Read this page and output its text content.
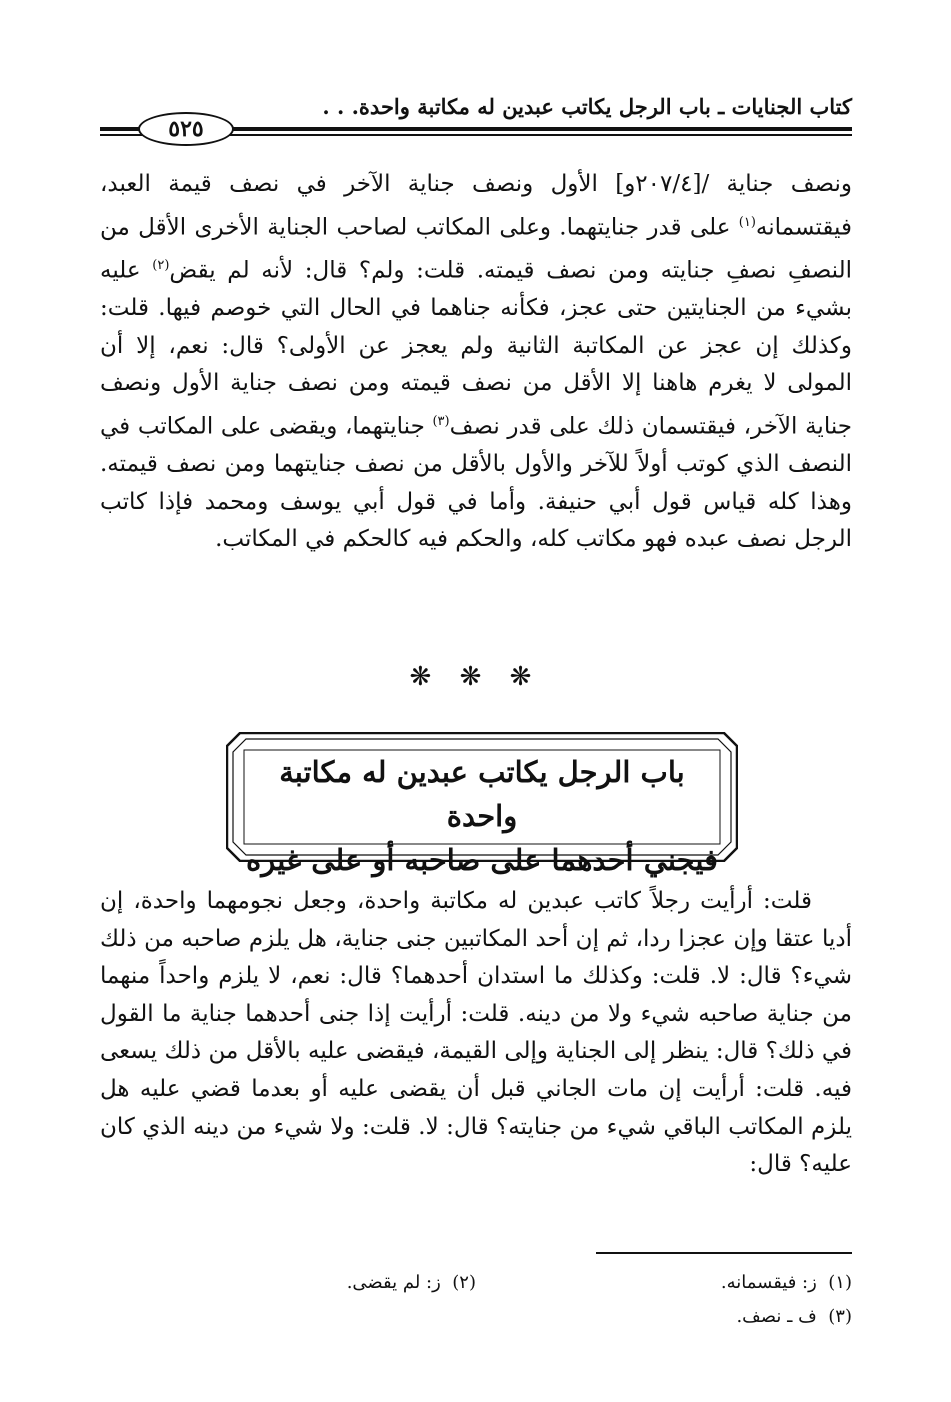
كتاب الجنايات ـ باب الرجل يكاتب عبدين له مكاتبة واحدة. . .
٥٢٥
ونصف جناية /[٢٠٧/٤و] الأول ونصف جناية الآخر في نصف قيمة العبد، فيقتسمانه$^{(١)}$ على قدر جنايتهما. وعلى المكاتب لصاحب الجناية الأخرى الأقل من النصفِ نصفِ جنايته ومن نصف قيمته. قلت: ولم؟ قال: لأنه لم يقض$^{(٢)}$ عليه بشيء من الجنايتين حتى عجز، فكأنه جناهما في الحال التي خوصم فيها. قلت: وكذلك إن عجز عن المكاتبة الثانية ولم يعجز عن الأولى؟ قال: نعم، إلا أن المولى لا يغرم هاهنا إلا الأقل من نصف قيمته ومن نصف جناية الأول ونصف جناية الآخر، فيقتسمان ذلك على قدر نصف$^{(٣)}$ جنايتهما، ويقضى على المكاتب في النصف الذي كوتب أولاً للآخر والأول بالأقل من نصف جنايتهما ومن نصف قيمته. وهذا كله قياس قول أبي حنيفة. وأما في قول أبي يوسف ومحمد فإذا كاتب الرجل نصف عبده فهو مكاتب كله، والحكم فيه كالحكم في المكاتب.
❋ ❋ ❋
باب الرجل يكاتب عبدين له مكاتبة واحدة
فيجني أحدهما على صاحبه أو على غيره
قلت: أرأيت رجلاً كاتب عبدين له مكاتبة واحدة، وجعل نجومهما واحدة، إن أديا عتقا وإن عجزا ردا، ثم إن أحد المكاتبين جنى جناية، هل يلزم صاحبه من ذلك شيء؟ قال: لا. قلت: وكذلك ما استدان أحدهما؟ قال: نعم، لا يلزم واحداً منهما من جناية صاحبه شيء ولا من دينه. قلت: أرأيت إذا جنى أحدهما جناية ما القول في ذلك؟ قال: ينظر إلى الجناية وإلى القيمة، فيقضى عليه بالأقل من ذلك يسعى فيه. قلت: أرأيت إن مات الجاني قبل أن يقضى عليه أو بعدما قضي عليه هل يلزم المكاتب الباقي شيء من جنايته؟ قال: لا. قلت: ولا شيء من دينه الذي كان عليه؟ قال:
(١)  ز: فيقسمانه.
(٢)  ز: لم يقضى.
(٣)  ف ـ نصف.
